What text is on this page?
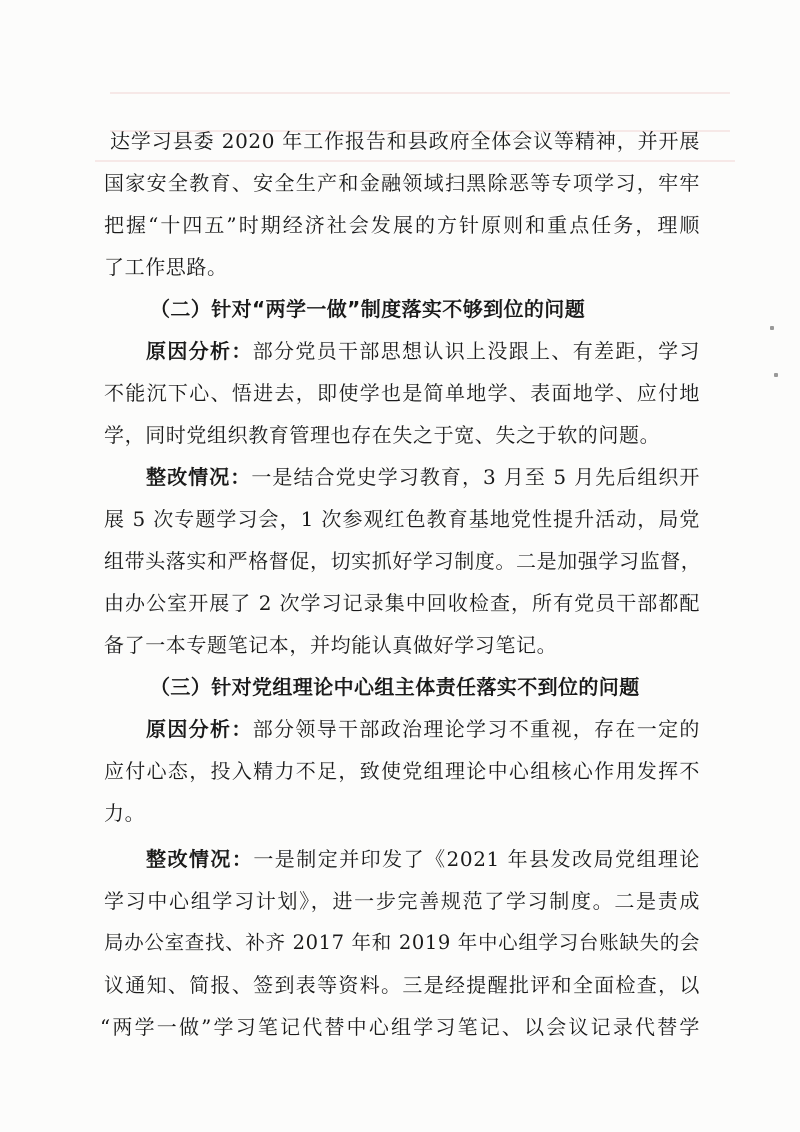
达学习县委 2020 年工作报告和县政府全体会议等精神，并开展
国家安全教育、安全生产和金融领域扫黑除恶等专项学习，牢牢
把握“十四五”时期经济社会发展的方针原则和重点任务，理顺
了工作思路。
（二）针对“两学一做”制度落实不够到位的问题
原因分析：部分党员干部思想认识上没跟上、有差距，学习
不能沉下心、悟进去，即使学也是简单地学、表面地学、应付地
学，同时党组织教育管理也存在失之于宽、失之于软的问题。
整改情况：一是结合党史学习教育，3 月至 5 月先后组织开
展 5 次专题学习会，1 次参观红色教育基地党性提升活动，局党
组带头落实和严格督促，切实抓好学习制度。二是加强学习监督，
由办公室开展了 2 次学习记录集中回收检查，所有党员干部都配
备了一本专题笔记本，并均能认真做好学习笔记。
（三）针对党组理论中心组主体责任落实不到位的问题
原因分析：部分领导干部政治理论学习不重视，存在一定的
应付心态，投入精力不足，致使党组理论中心组核心作用发挥不
力。
整改情况：一是制定并印发了《2021 年县发改局党组理论
学习中心组学习计划》，进一步完善规范了学习制度。二是责成
局办公室查找、补齐 2017 年和 2019 年中心组学习台账缺失的会
议通知、简报、签到表等资料。三是经提醒批评和全面检查，以
“两学一做”学习笔记代替中心组学习笔记、以会议记录代替学
